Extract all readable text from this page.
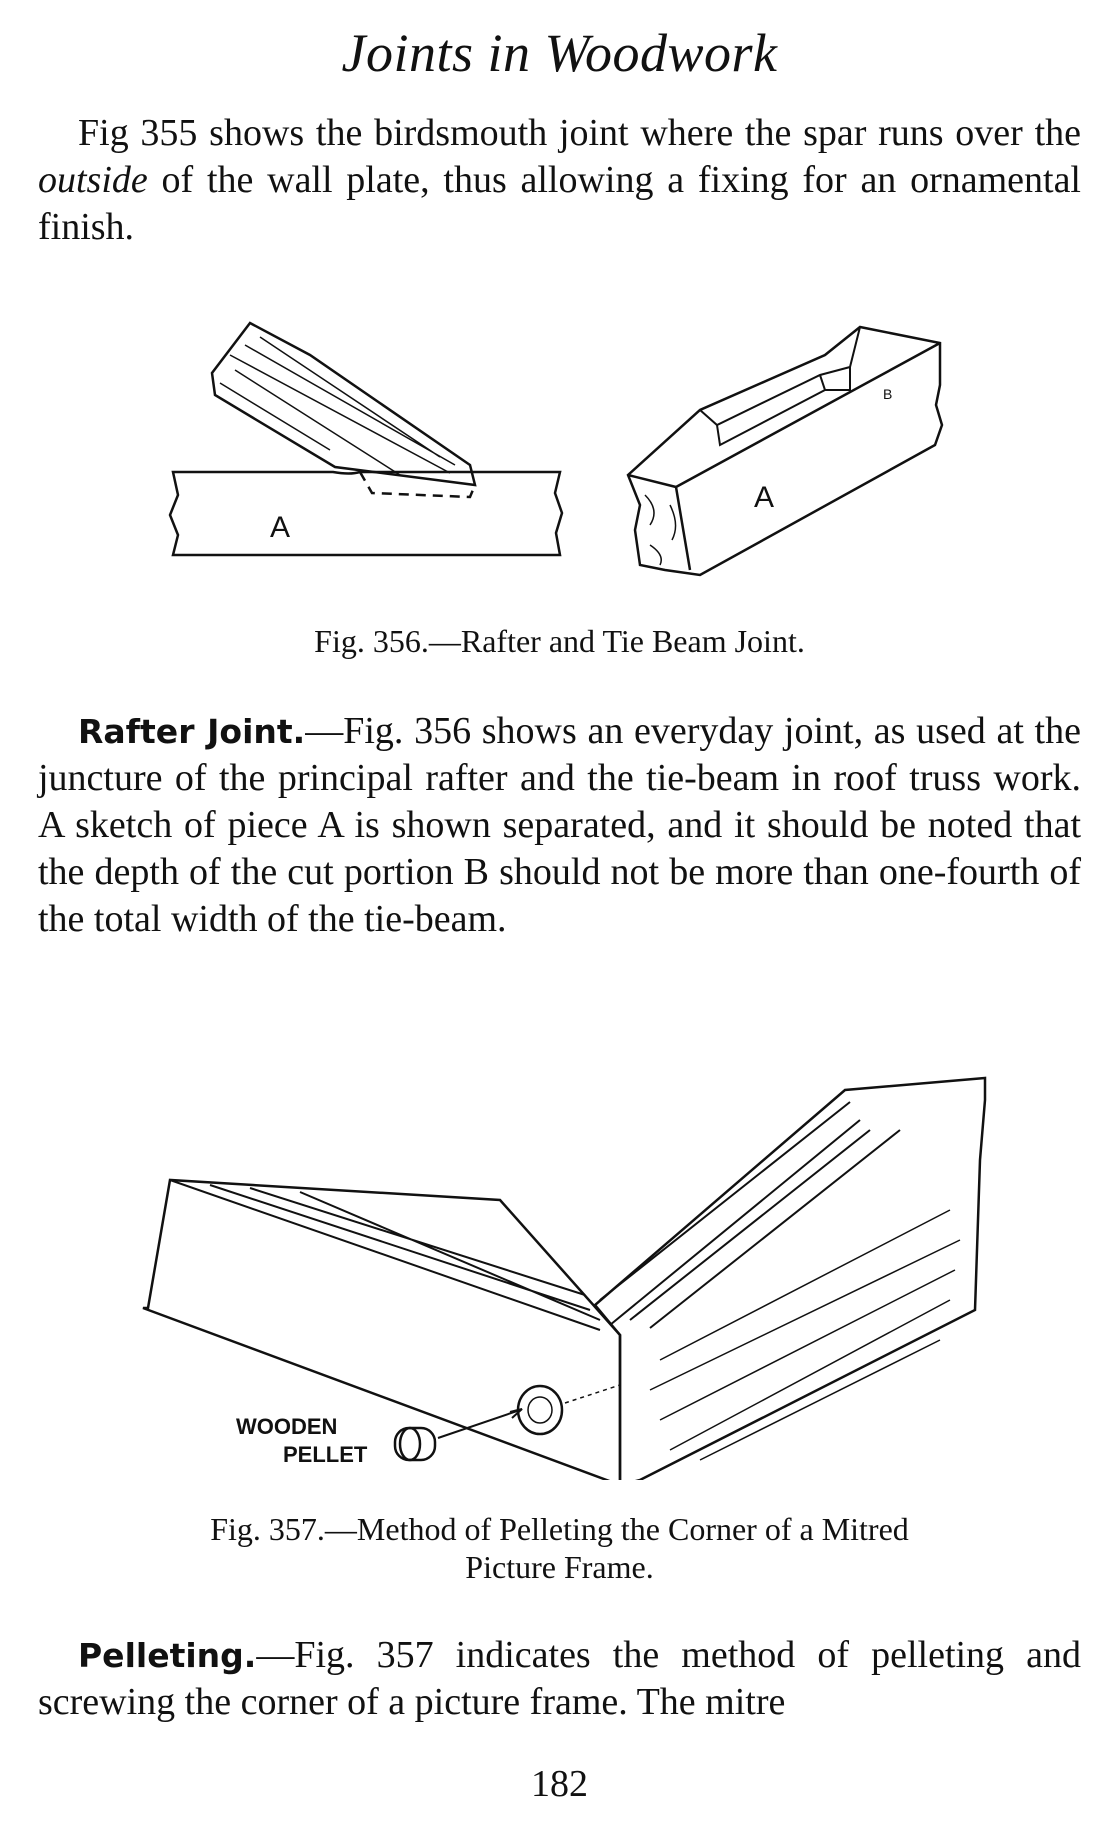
Joints in Woodwork
Fig 355 shows the birdsmouth joint where the spar runs over the outside of the wall plate, thus allowing a fixing for an ornamental finish.
A
A
B
Fig. 356.—Rafter and Tie Beam Joint.
Rafter Joint.—Fig. 356 shows an everyday joint, as used at the juncture of the principal rafter and the tie-beam in roof truss work. A sketch of piece A is shown separated, and it should be noted that the depth of the cut portion B should not be more than one-fourth of the total width of the tie-beam.
WOODEN
PELLET
Fig. 357.—Method of Pelleting the Corner of a Mitred
Picture Frame.
Pelleting.—Fig. 357 indicates the method of pelleting and screwing the corner of a picture frame. The mitre
182
